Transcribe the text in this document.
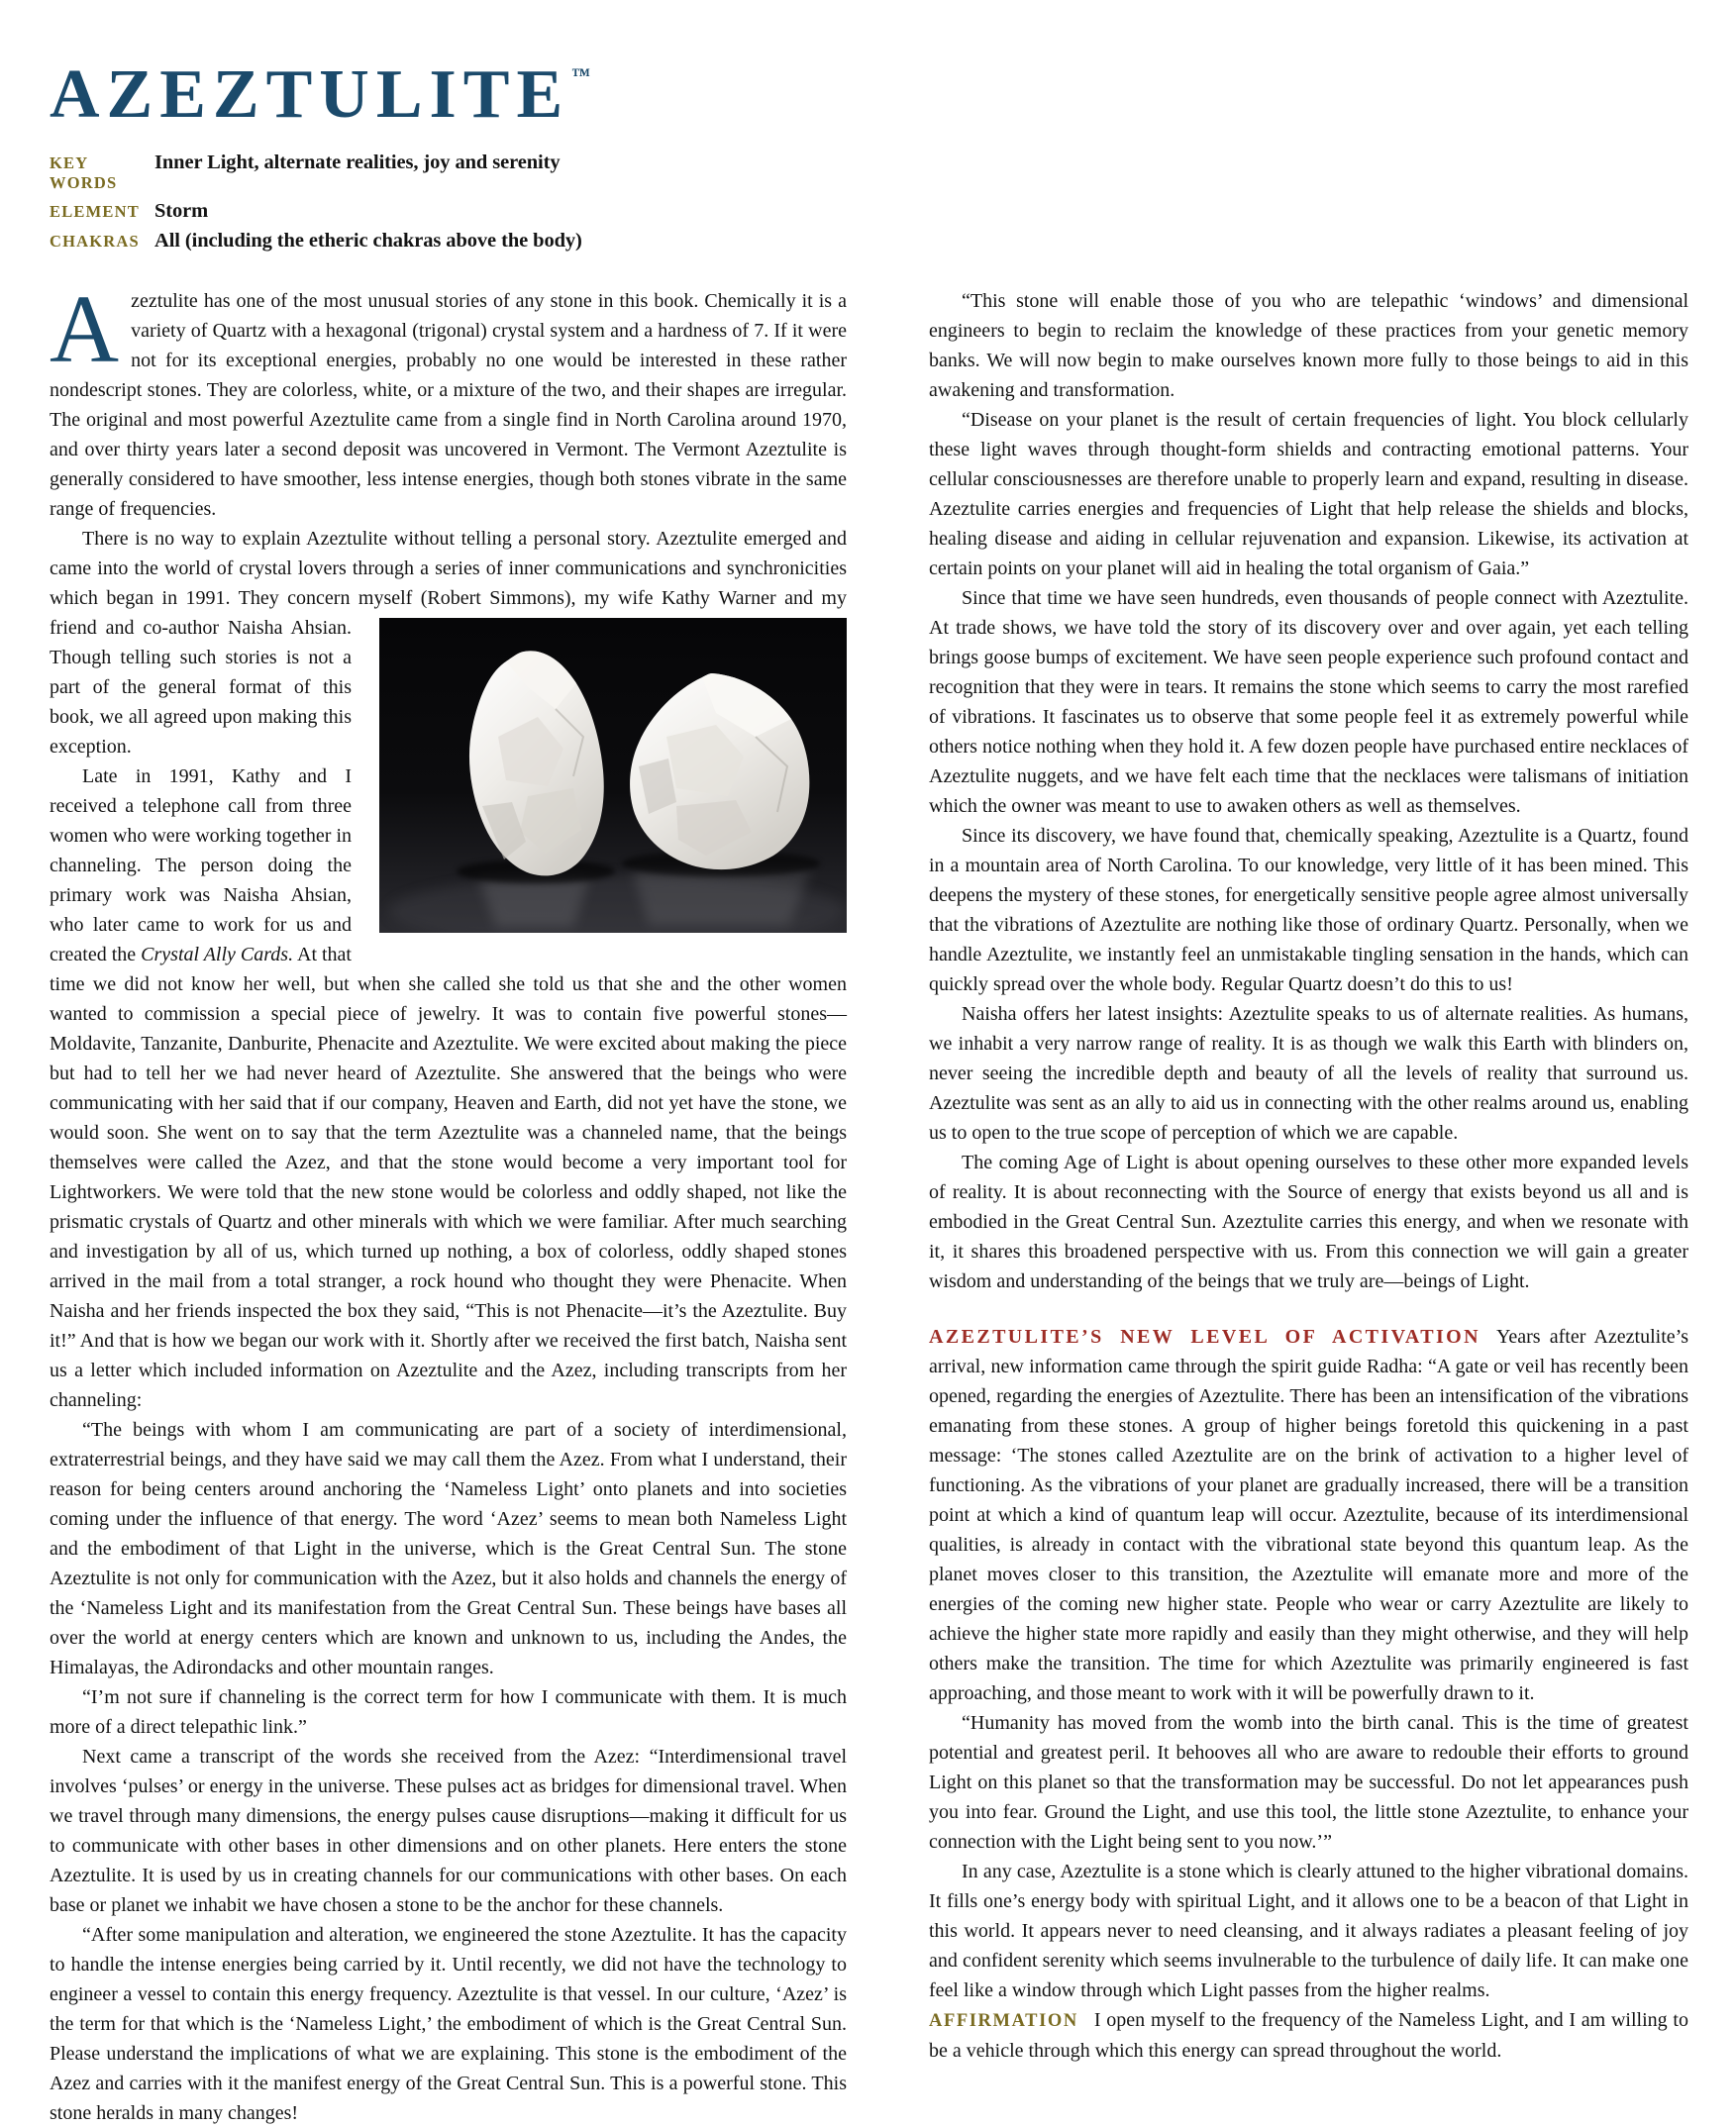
AZEZTULITE ™
KEY WORDS
Inner Light, alternate realities, joy and serenity
ELEMENT Storm
CHAKRAS All (including the etheric chakras above the body)

Azeztulite has one of the most unusual stories of any stone in this book. Chemically it is a variety of Quartz with a hexagonal (trigonal) crystal system and a hardness of 7. If it were not for its exceptional energies, probably no one would be interested in these rather nondescript stones. They are colorless, white, or a mixture of the two, and their shapes are irregular. The original and most powerful Azeztulite came from a single find in North Carolina around 1970, and over thirty years later a second deposit was uncovered in Vermont. The Vermont Azeztulite is generally considered to have smoother, less intense energies, though both stones vibrate in the same range of frequencies.

There is no way to explain Azeztulite without telling a personal story. Azeztulite emerged and came into the world of crystal lovers through a series of inner communications and synchronicities which began in 1991. They concern myself (Robert Simmons), my wife Kathy
Warner and my friend and co-author Naisha Ahsian. Though telling such stories is not a part of the general format of this book, we all agreed upon making this exception.

Late in 1991, Kathy and I received a telephone call from three women who were working together in channeling. The person doing the primary work was Naisha Ahsian, who later came to work for us and created the Crystal Ally Cards. At that time we did not know her well, but when she called she told us that she and the other women wanted to commission a special piece of jewelry. It was to contain five powerful stones—Moldavite, Tanzanite, Danburite, Phenacite and Azeztulite. We were excited about making the piece but had to tell her we had never heard of Azeztulite. She answered that the beings who were communicating with her said that if our company, Heaven and Earth, did not yet have the stone, we would soon. She went on to say that the term Azeztulite was a channeled name, that the beings themselves were called the Azez, and that the stone would become a very important tool for Lightworkers. We were told that the new stone would be colorless and oddly shaped, not like the prismatic crystals of Quartz and other minerals with which we were familiar. After much searching and investigation by all of us, which turned up nothing, a box of colorless, oddly shaped stones arrived in the mail from a total stranger, a rock hound who thought they were Phenacite. When Naisha and her friends inspected the box they said, “This is not Phenacite—it’s the Azeztulite. Buy it!” And that is how we began our work with it. Shortly after we received the first batch, Naisha sent us a letter which included information on Azeztulite and the Azez, including transcripts from her channeling:

“The beings with whom I am communicating are part of a society of interdimensional, extraterrestrial beings, and they have said we may call them the Azez. From what I understand, their reason for being centers around anchoring the ‘Nameless Light’ onto planets and into societies coming under the influence of that energy. The word ‘Azez’ seems to mean both Nameless Light and the embodiment of that Light in the universe, which is the Great Central Sun. The stone Azeztulite is not only for communication with the Azez, but it also holds and channels the energy of the ‘Nameless Light and its manifestation from the Great Central Sun. These beings have bases all over the world at energy centers which are known and unknown to us, including the Andes, the Himalayas, the Adirondacks and other mountain ranges.

“I’m not sure if channeling is the correct term for how I communicate with them. It is much more of a direct telepathic link.”

Next came a transcript of the words she received from the Azez: “Interdimensional travel involves ‘pulses’ or energy in the universe. These pulses act as bridges for dimensional travel. When we travel through many dimensions, the energy pulses cause disruptions—making it difficult for us to communicate with other bases in other dimensions and on other planets. Here enters the stone Azeztulite. It is used by us in creating channels for our communications with other bases. On each base or planet we inhabit we have chosen a stone to be the anchor for these channels.

“After some manipulation and alteration, we engineered the stone Azeztulite. It has the capacity to handle the intense energies being carried by it. Until recently, we did not have the technology to engineer a vessel to contain this energy frequency. Azeztulite is that vessel. In our culture, ‘Azez’ is the term for that which is the ‘Nameless Light,’ the embodiment of which is the Great Central Sun. Please understand the implications of what we are explaining. This stone is the embodiment of the Azez and carries with it the manifest energy of the Great Central Sun. This is a powerful stone. This stone heralds in many changes!

“This stone will enable those of you who are telepathic ‘windows’ and dimensional engineers to begin to reclaim the knowledge of these practices from your genetic memory banks. We will now begin to make ourselves known more fully to those beings to aid in this awakening and transformation.

“Disease on your planet is the result of certain frequencies of light. You block cellularly these light waves through thought-form shields and contracting emotional patterns. Your cellular consciousnesses are therefore unable to properly learn and expand, resulting in disease. Azeztulite carries energies and frequencies of Light that help release the shields and blocks, healing disease and aiding in cellular rejuvenation and expansion. Likewise, its activation at certain points on your planet will aid in healing the total organism of Gaia.”

Since that time we have seen hundreds, even thousands of people connect with Azeztulite. At trade shows, we have told the story of its discovery over and over again, yet each telling brings goose bumps of excitement. We have seen people experience such profound contact and recognition that they were in tears. It remains the stone which seems to carry the most rarefied of vibrations. It fascinates us to observe that some people feel it as extremely powerful while others notice nothing when they hold it. A few dozen people have purchased entire necklaces of Azeztulite nuggets, and we have felt each time that the necklaces were talismans of initiation which the owner was meant to use to awaken others as well as themselves.

Since its discovery, we have found that, chemically speaking, Azeztulite is a Quartz, found in a mountain area of North Carolina. To our knowledge, very little of it has been mined. This deepens the mystery of these stones, for energetically sensitive people agree almost universally that the vibrations of Azeztulite are nothing like those of ordinary Quartz. Personally, when we handle Azeztulite, we instantly feel an unmistakable tingling sensation in the hands, which can quickly spread over the whole body. Regular Quartz doesn’t do this to us!

Naisha offers her latest insights: Azeztulite speaks to us of alternate realities. As humans, we inhabit a very narrow range of reality. It is as though we walk this Earth with blinders on, never seeing the incredible depth and beauty of all the levels of reality that surround us. Azeztulite was sent as an ally to aid us in connecting with the other realms around us, enabling us to open to the true scope of perception of which we are capable.

The coming Age of Light is about opening ourselves to these other more expanded levels of reality. It is about reconnecting with the Source of energy that exists beyond us all and is embodied in the Great Central Sun. Azeztulite carries this energy, and when we resonate with it, it shares this broadened perspective with us. From this connection we will gain a greater wisdom and understanding of the beings that we truly are—beings of Light.

AZEZTULITE’S NEW LEVEL OF ACTIVATION Years after Azeztulite’s arrival, new information came through the spirit guide Radha: “A gate or veil has recently been opened, regarding the energies of Azeztulite. There has been an intensification of the vibrations emanating from these stones. A group of higher beings foretold this quickening in a past message: ‘The stones called Azeztulite are on the brink of activation to a higher level of functioning. As the vibrations of your planet are gradually increased, there will be a transition point at which a kind of quantum leap will occur. Azeztulite, because of its interdimensional qualities, is already in contact with the vibrational state beyond this quantum leap. As the planet moves closer to this transition, the Azeztulite will emanate more and more of the energies of the coming new higher state. People who wear or carry Azeztulite are likely to achieve the higher state more rapidly and easily than they might otherwise, and they will help others make the transition. The time for which Azeztulite was primarily engineered is fast approaching, and those meant to work with it will be powerfully drawn to it.

“Humanity has moved from the womb into the birth canal. This is the time of greatest potential and greatest peril. It behooves all who are aware to redouble their efforts to ground Light on this planet so that the transformation may be successful. Do not let appearances push you into fear. Ground the Light, and use this tool, the little stone Azeztulite, to enhance your connection with the Light being sent to you now.’”

In any case, Azeztulite is a stone which is clearly attuned to the higher vibrational domains. It fills one’s energy body with spiritual Light, and it allows one to be a beacon of that Light in this world. It appears never to need cleansing, and it always radiates a pleasant feeling of joy and confident serenity which seems invulnerable to the turbulence of daily life. It can make one feel like a window through which Light passes from the higher realms.

AFFIRMATION I open myself to the frequency of the Nameless Light, and I am willing to be a vehicle through which this energy can spread throughout the world.
